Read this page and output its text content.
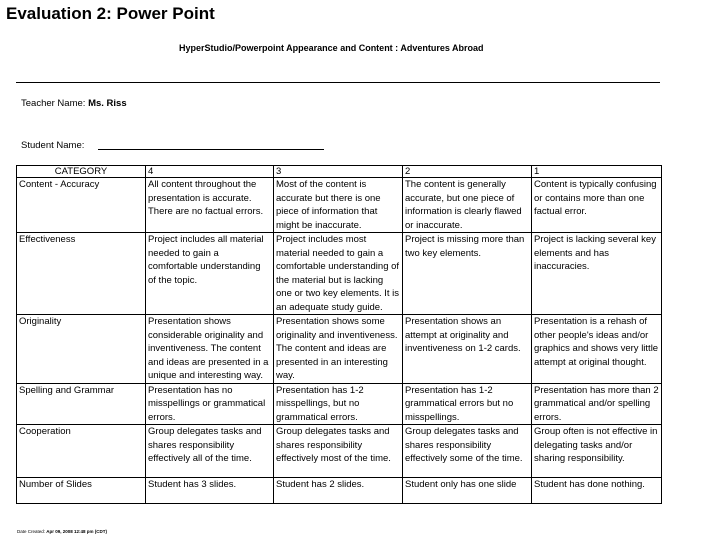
Evaluation 2: Power Point
HyperStudio/Powerpoint Appearance and Content : Adventures Abroad
Teacher Name: Ms. Riss
Student Name:
CATEGORY	4	3	2	1
Content - Accuracy	All content throughout the presentation is accurate. There are no factual errors.	Most of the content is accurate but there is one piece of information that might be inaccurate.	The content is generally accurate, but one piece of information is clearly flawed or inaccurate.	Content is typically confusing or contains more than one factual error.
Effectiveness	Project includes all material needed to gain a comfortable understanding of the topic.	Project includes most material needed to gain a comfortable understanding of the material but is lacking one or two key elements. It is an adequate study guide.	Project is missing more than two key elements.	Project is lacking several key elements and has inaccuracies.
Originality	Presentation shows considerable originality and inventiveness. The content and ideas are presented in a unique and interesting way.	Presentation shows some originality and inventiveness. The content and ideas are presented in an interesting way.	Presentation shows an attempt at originality and inventiveness on 1-2 cards.	Presentation is a rehash of other people's ideas and/or graphics and shows very little attempt at original thought.
Spelling and Grammar	Presentation has no misspellings or grammatical errors.	Presentation has 1-2 misspellings, but no grammatical errors.	Presentation has 1-2 grammatical errors but no misspellings.	Presentation has more than 2 grammatical and/or spelling errors.
Cooperation	Group delegates tasks and shares responsibility effectively all of the time.	Group delegates tasks and shares responsibility effectively most of the time.	Group delegates tasks and shares responsibility effectively some of the time.	Group often is not effective in delegating tasks and/or sharing responsibility.
Number of Slides	Student has 3 slides.	Student has 2 slides.	Student only has one slide	Student has done nothing.
Date Created: Apr 09, 2008 12:48 pm (CDT)
